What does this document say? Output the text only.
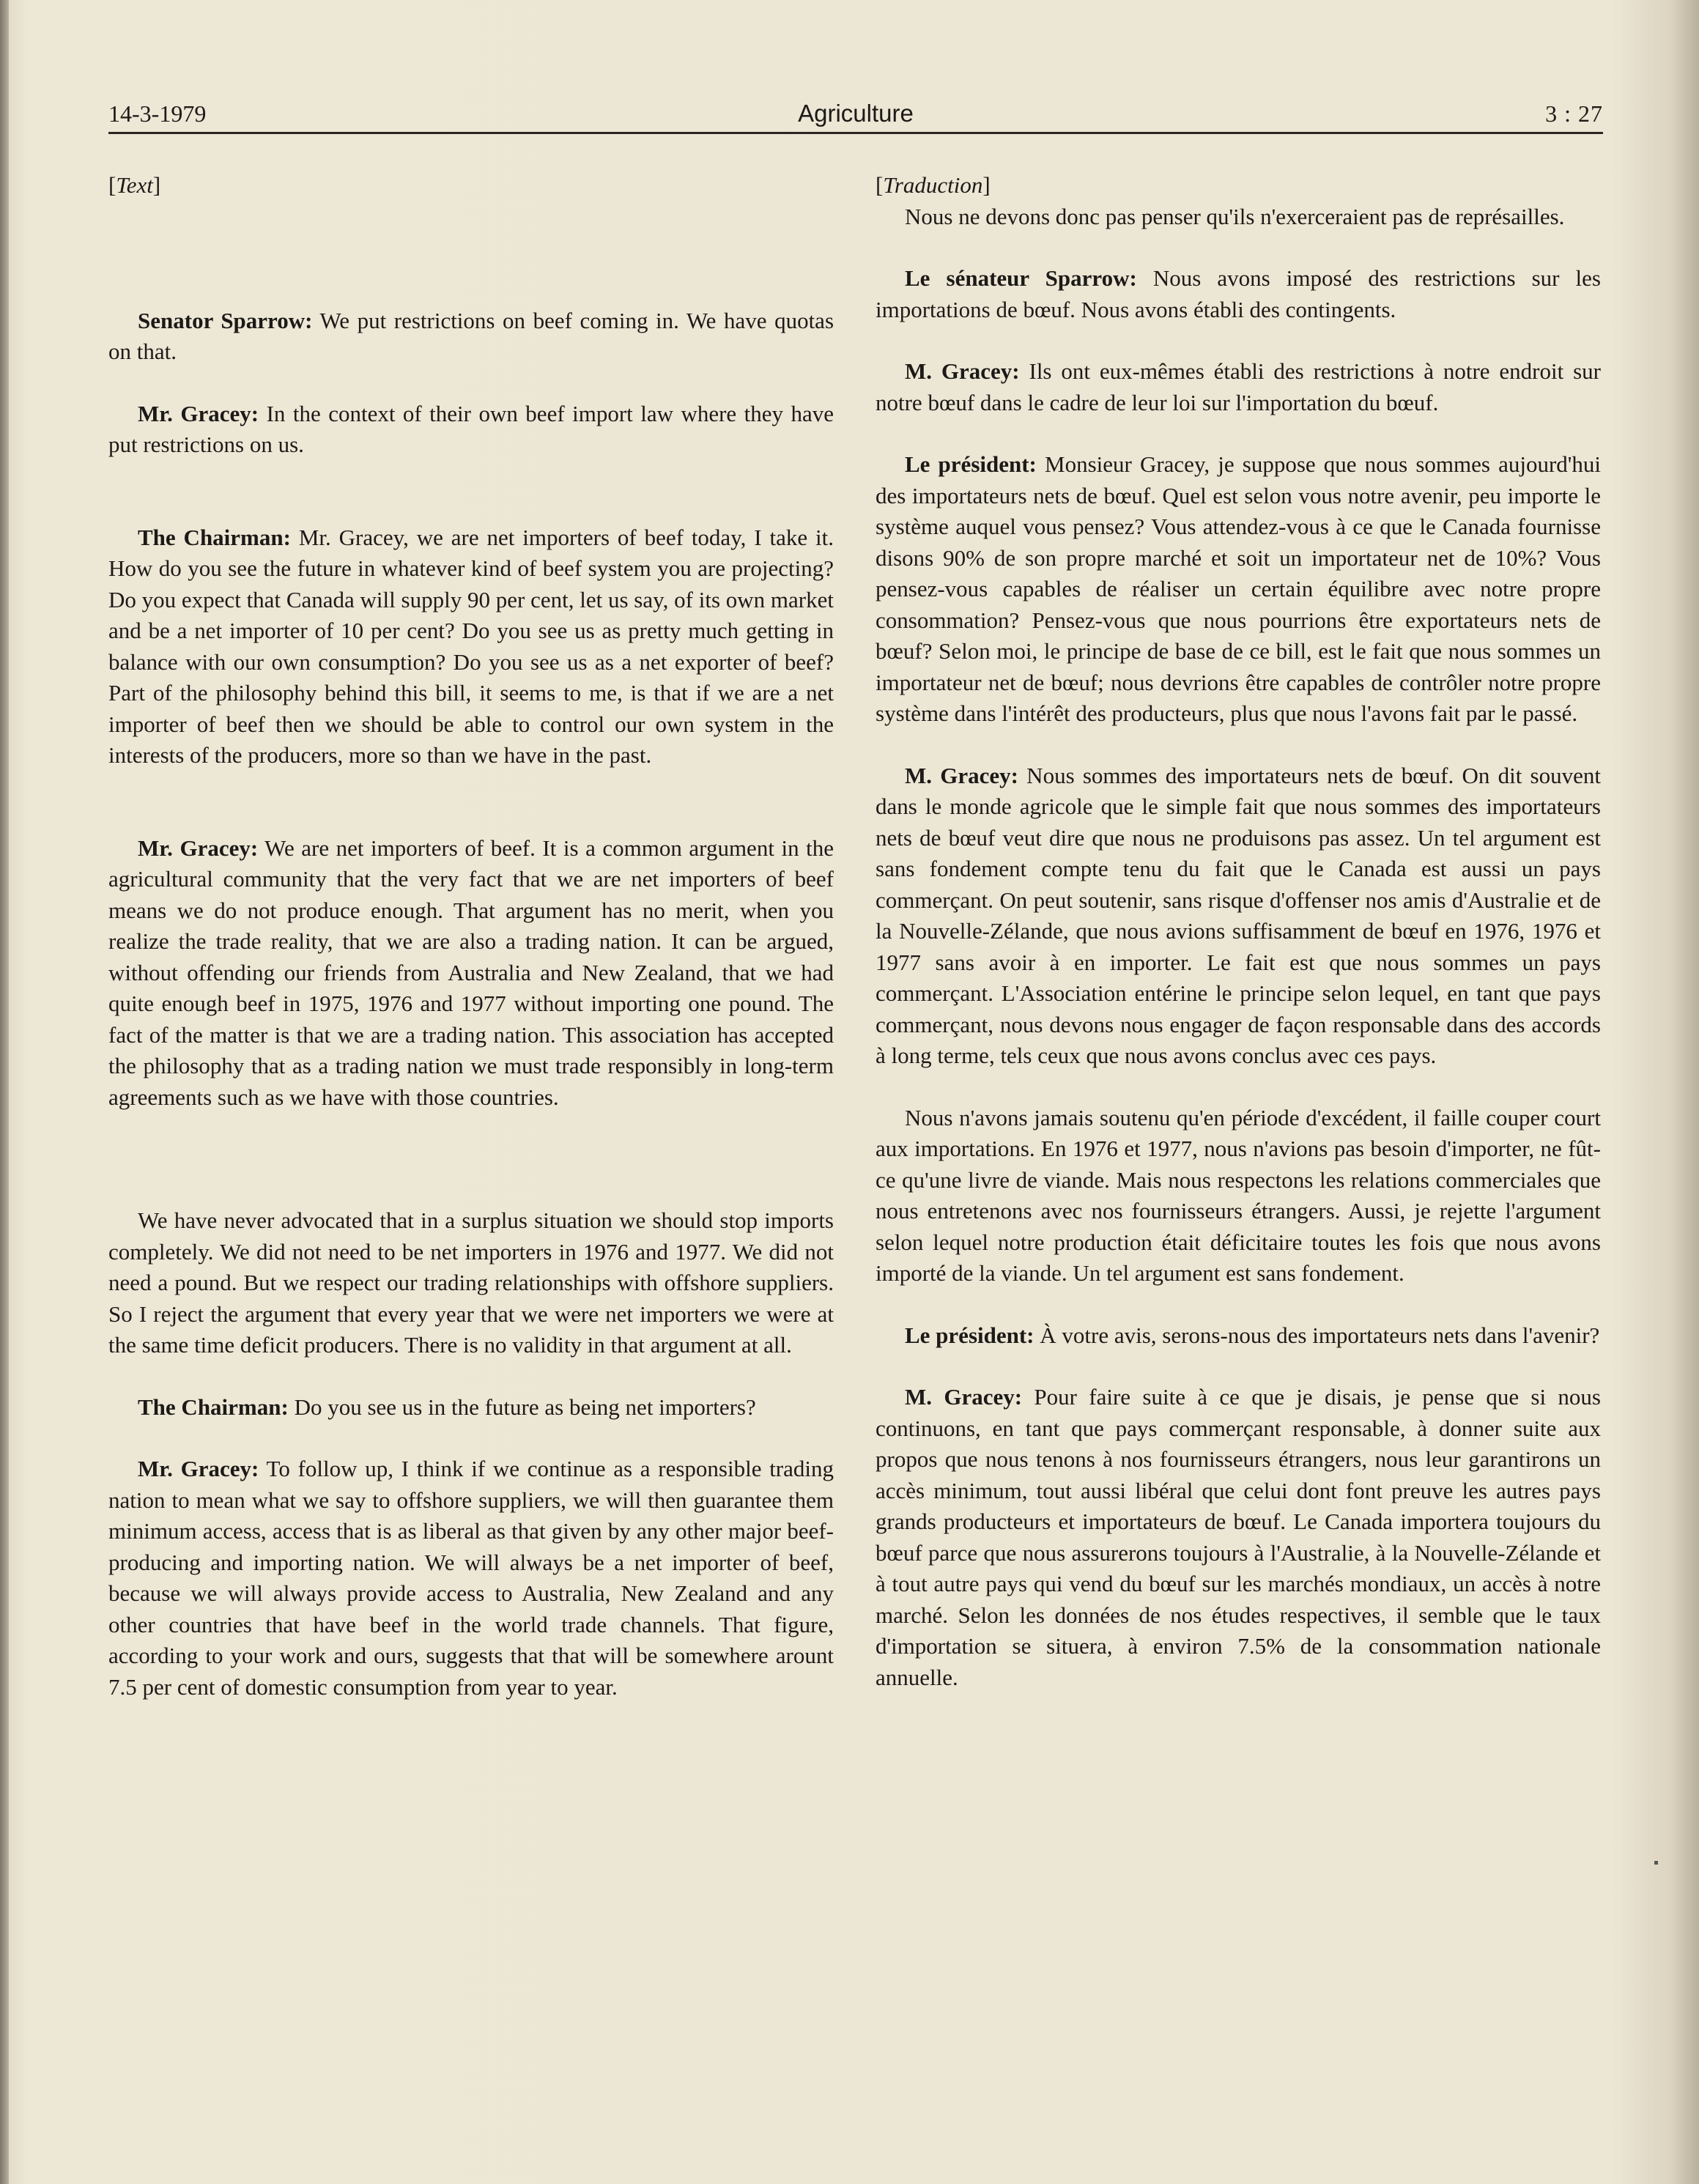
14-3-1979	Agriculture	3 : 27

[Text]

Senator Sparrow: We put restrictions on beef coming in. We have quotas on that.

Mr. Gracey: In the context of their own beef import law where they have put restrictions on us.

The Chairman: Mr. Gracey, we are net importers of beef today, I take it. How do you see the future in whatever kind of beef system you are projecting? Do you expect that Canada will supply 90 per cent, let us say, of its own market and be a net importer of 10 per cent? Do you see us as pretty much getting in balance with our own consumption? Do you see us as a net exporter of beef? Part of the philosophy behind this bill, it seems to me, is that if we are a net importer of beef then we should be able to control our own system in the interests of the producers, more so than we have in the past.

Mr. Gracey: We are net importers of beef. It is a common argument in the agricultural community that the very fact that we are net importers of beef means we do not produce enough. That argument has no merit, when you realize the trade reality, that we are also a trading nation. It can be argued, without offending our friends from Australia and New Zealand, that we had quite enough beef in 1975, 1976 and 1977 without importing one pound. The fact of the matter is that we are a trading nation. This association has accepted the philosophy that as a trading nation we must trade responsibly in long-term agreements such as we have with those countries.

We have never advocated that in a surplus situation we should stop imports completely. We did not need to be net importers in 1976 and 1977. We did not need a pound. But we respect our trading relationships with offshore suppliers. So I reject the argument that every year that we were net importers we were at the same time deficit producers. There is no validity in that argument at all.

The Chairman: Do you see us in the future as being net importers?

Mr. Gracey: To follow up, I think if we continue as a responsible trading nation to mean what we say to offshore suppliers, we will then guarantee them minimum access, access that is as liberal as that given by any other major beef-producing and importing nation. We will always be a net importer of beef, because we will always provide access to Australia, New Zealand and any other countries that have beef in the world trade channels. That figure, according to your work and ours, suggests that that will be somewhere arount 7.5 per cent of domestic consumption from year to year.

[Traduction]

Nous ne devons donc pas penser qu'ils n'exerceraient pas de représailles.

Le sénateur Sparrow: Nous avons imposé des restrictions sur les importations de bœuf. Nous avons établi des contingents.

M. Gracey: Ils ont eux-mêmes établi des restrictions à notre endroit sur notre bœuf dans le cadre de leur loi sur l'importation du bœuf.

Le président: Monsieur Gracey, je suppose que nous sommes aujourd'hui des importateurs nets de bœuf. Quel est selon vous notre avenir, peu importe le système auquel vous pensez? Vous attendez-vous à ce que le Canada fournisse disons 90% de son propre marché et soit un importateur net de 10%? Vous pensez-vous capables de réaliser un certain équilibre avec notre propre consommation? Pensez-vous que nous pourrions être exportateurs nets de bœuf? Selon moi, le principe de base de ce bill, est le fait que nous sommes un importateur net de bœuf; nous devrions être capables de contrôler notre propre système dans l'intérêt des producteurs, plus que nous l'avons fait par le passé.

M. Gracey: Nous sommes des importateurs nets de bœuf. On dit souvent dans le monde agricole que le simple fait que nous sommes des importateurs nets de bœuf veut dire que nous ne produisons pas assez. Un tel argument est sans fondement compte tenu du fait que le Canada est aussi un pays commerçant. On peut soutenir, sans risque d'offenser nos amis d'Australie et de la Nouvelle-Zélande, que nous avions suffisamment de bœuf en 1976, 1976 et 1977 sans avoir à en importer. Le fait est que nous sommes un pays commerçant. L'Association entérine le principe selon lequel, en tant que pays commerçant, nous devons nous engager de façon responsable dans des accords à long terme, tels ceux que nous avons conclus avec ces pays.

Nous n'avons jamais soutenu qu'en période d'excédent, il faille couper court aux importations. En 1976 et 1977, nous n'avions pas besoin d'importer, ne fût-ce qu'une livre de viande. Mais nous respectons les relations commerciales que nous entretenons avec nos fournisseurs étrangers. Aussi, je rejette l'argument selon lequel notre production était déficitaire toutes les fois que nous avons importé de la viande. Un tel argument est sans fondement.

Le président: À votre avis, serons-nous des importateurs nets dans l'avenir?

M. Gracey: Pour faire suite à ce que je disais, je pense que si nous continuons, en tant que pays commerçant responsable, à donner suite aux propos que nous tenons à nos fournisseurs étrangers, nous leur garantirons un accès minimum, tout aussi libéral que celui dont font preuve les autres pays grands producteurs et importateurs de bœuf. Le Canada importera toujours du bœuf parce que nous assurerons toujours à l'Australie, à la Nouvelle-Zélande et à tout autre pays qui vend du bœuf sur les marchés mondiaux, un accès à notre marché. Selon les données de nos études respectives, il semble que le taux d'importation se situera, à environ 7.5% de la consommation nationale annuelle.
